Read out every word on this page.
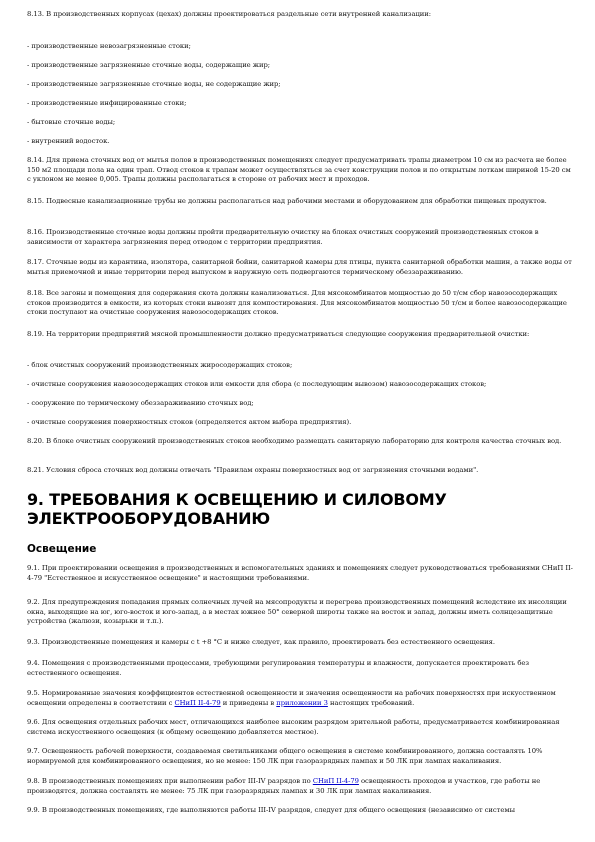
8.13. В производственных корпусах (цехах) должны проектироваться раздельные сети внутренней канализации:

- производственные невозагрязненные стоки;

- производственные загрязненные сточные воды, содержащие жир;

- производственные загрязненные сточные воды, не содержащие жир;

- производственные инфицированные стоки;

- бытовые сточные воды;

- внутренний водосток.

8.14. Для приема сточных вод от мытья полов в производственных помещениях следует предусматривать трапы диаметром 10 см из расчета не более 150 м2 площади пола на один трап. Отвод стоков к трапам может осуществляться за счет конструкции полов и по открытым лоткам шириной 15-20 см с уклоном не менее 0,005. Трапы должны располагаться в стороне от рабочих мест и проходов.

8.15. Подвесные канализационные трубы не должны располагаться над рабочими местами и оборудованием для обработки пищевых продуктов.

8.16. Производственные сточные воды должны пройти предварительную очистку на блоках очистных сооружений производственных стоков в зависимости от характера загрязнения перед отводом с территории предприятия.

8.17. Сточные воды из карантина, изолятора, санитарной бойни, санитарной камеры для птицы, пункта санитарной обработки машин, а также воды от мытья приемочной и иные территории перед выпуском в наружную сеть подвергаются термическому обеззараживанию.

8.18. Все загоны и помещения для содержания скота должны канализоваться. Для мясокомбинатов мощностью до 50 т/см сбор навозосодержащих стоков производится в емкости, из которых стоки вывозят для компостирования. Для мясокомбинатов мощностью 50 т/см и более навозосодержащие стоки поступают на очистные сооружения навозосодержащих стоков.

8.19. На территории предприятий мясной промышленности должно предусматриваться следующие сооружения предварительной очистки:

- блок очистных сооружений производственных жиросодержащих стоков;

- очистные сооружения навозосодержащих стоков или емкости для сбора (с последующим вывозом) навозосодержащих стоков;

- сооружение по термическому обеззараживанию сточных вод;

- очистные сооружения поверхностных стоков (определяется актом выбора предприятия).

8.20. В блоке очистных сооружений производственных стоков необходимо размещать санитарную лабораторию для контроля качества сточных вод.

8.21. Условия сброса сточных вод должны отвечать "Правилам охраны поверхностных вод от загрязнения сточными водами".

9. ТРЕБОВАНИЯ К ОСВЕЩЕНИЮ И СИЛОВОМУ ЭЛЕКТРООБОРУДОВАНИЮ
Освещение

9.1. При проектировании освещения в производственных и вспомогательных зданиях и помещениях следует руководствоваться требованиями СНиП II-4-79 "Естественное и искусственное освещение" и настоящими требованиями.

9.2. Для предупреждения попадания прямых солнечных лучей на мясопродукты и перегрева производственных помещений вследствие их инсоляции окна, выходящие на юг, юго-восток и юго-запад, а в местах южнее 50° северной широты также на восток и запад, должны иметь солнцезащитные устройства (жалюзи, козырьки и т.п.).

9.3. Производственные помещения и камеры с t +8 °С и ниже следует, как правило, проектировать без естественного освещения.

9.4. Помещения с производственными процессами, требующими регулирования температуры и влажности, допускается проектировать без естественного освещения.

9.5. Нормированные значения коэффициентов естественной освещенности и значения освещенности на рабочих поверхностях при искусственном освещении определены в соответствии с СНиП II-4-79 и приведены в приложении 3 настоящих требований.

9.6. Для освещения отдельных рабочих мест, отличающихся наиболее высоким разрядом зрительной работы, предусматривается комбинированная система искусственного освещения (к общему освещению добавляется местное).

9.7. Освещенность рабочей поверхности, создаваемая светильниками общего освещения в системе комбинированного, должна составлять 10% нормируемой для комбинированного освещения, но не менее: 150 ЛК при газоразрядных лампах и 50 ЛК при лампах накаливания.

9.8. В производственных помещениях при выполнении работ III-IV разрядов по СНиП II-4-79 освещенность проходов и участков, где работы не производятся, должна составлять не менее: 75 ЛК при газоразрядных лампах и 30 ЛК при лампах накаливания.

9.9. В производственных помещениях, где выполняются работы III-IV разрядов, следует для общего освещения (независимо от системы
